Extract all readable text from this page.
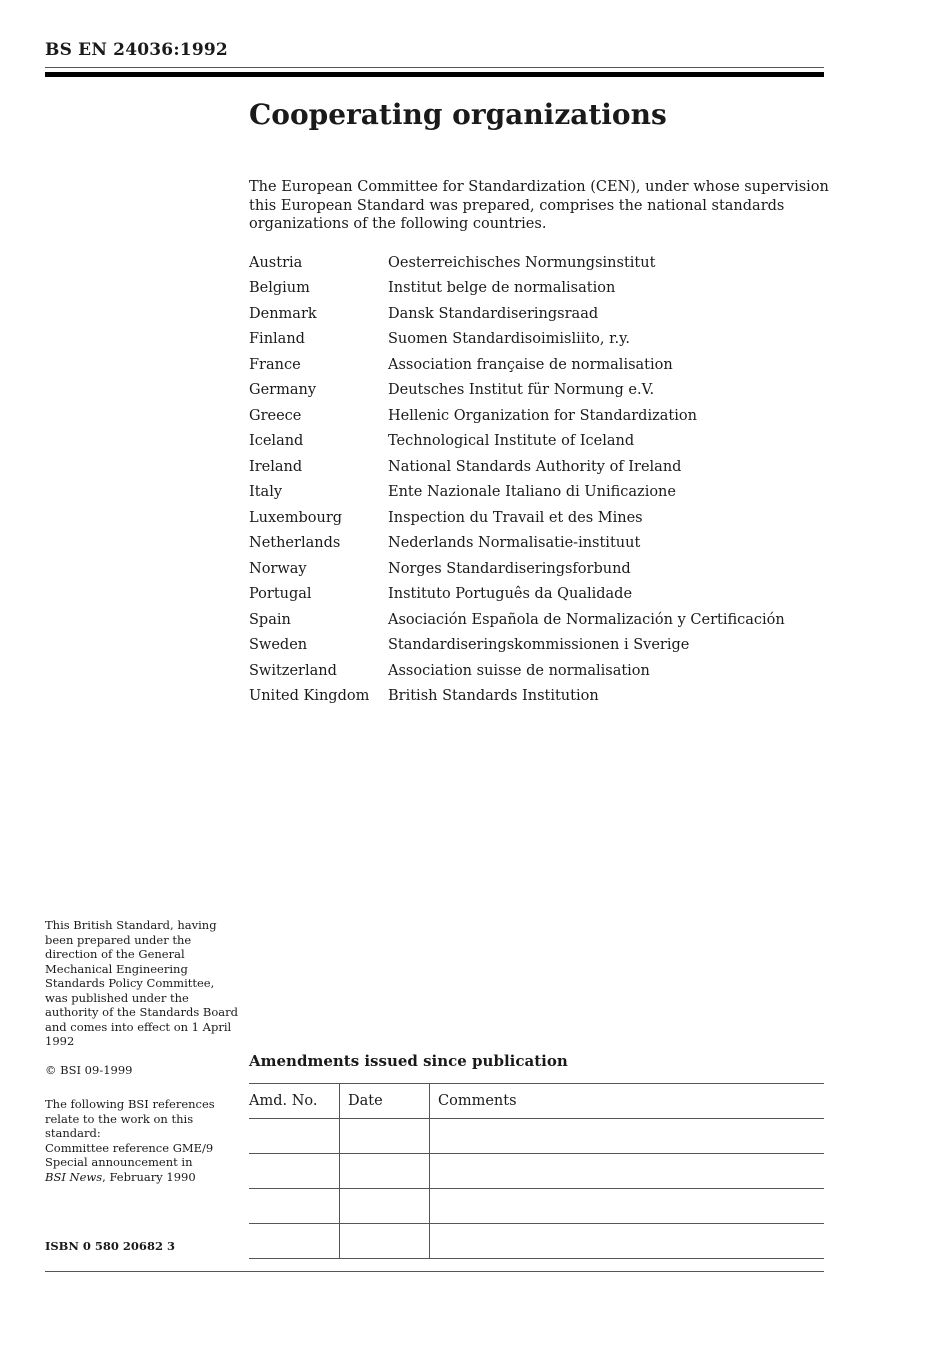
BS EN 24036:1992
Cooperating organizations

The European Committee for Standardization (CEN), under whose supervision this European Standard was prepared, comprises the national standards organizations of the following countries.

Austria	Oesterreichisches Normungsinstitut
Belgium	Institut belge de normalisation
Denmark	Dansk Standardiseringsraad
Finland	Suomen Standardisoimisliito, r.y.
France	Association française de normalisation
Germany	Deutsches Institut für Normung e.V.
Greece	Hellenic Organization for Standardization
Iceland	Technological Institute of Iceland
Ireland	National Standards Authority of Ireland
Italy	Ente Nazionale Italiano di Unificazione
Luxembourg	Inspection du Travail et des Mines
Netherlands	Nederlands Normalisatie-instituut
Norway	Norges Standardiseringsforbund
Portugal	Instituto Português da Qualidade
Spain	Asociación Española de Normalización y Certificación
Sweden	Standardiseringskommissionen i Sverige
Switzerland	Association suisse de normalisation
United Kingdom	British Standards Institution

This British Standard, having been prepared under the direction of the General Mechanical Engineering Standards Policy Committee, was published under the authority of the Standards Board and comes into effect on 1 April 1992

© BSI 09-1999

The following BSI references relate to the work on this standard:

Committee reference GME/9

Special announcement in
BSI News, February 1990

ISBN 0 580 20682 3

Amendments issued since publication
Amd. No.	Date	Comments
